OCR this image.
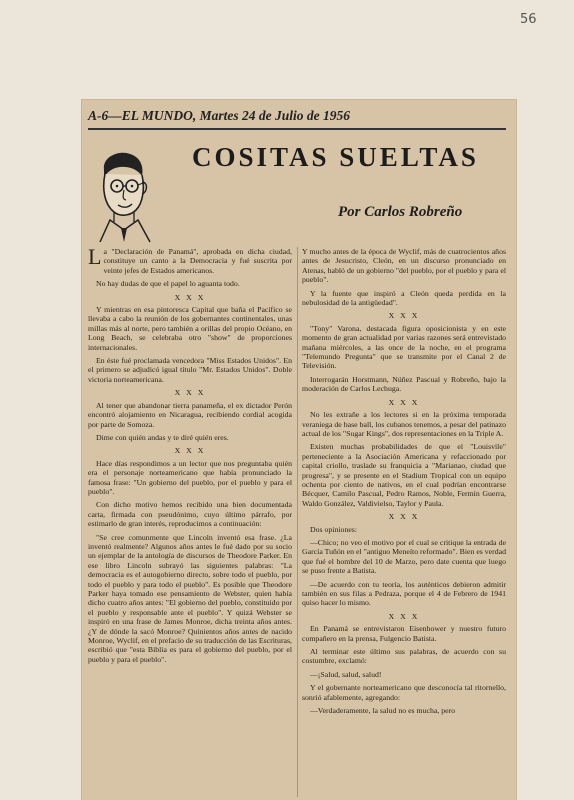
56
A-6—EL MUNDO, Martes 24 de Julio de 1956
COSITAS SUELTAS
Por Carlos Robreño

La "Declaración de Panamá", aprobada en dicha ciudad, constituye un canto a la Democracia y fué suscrita por veinte jefes de Estados americanos.

No hay dudas de que el papel lo aguanta todo.

X X X

Y mientras en esa pintoresca Capital que baña el Pacífico se llevaba a cabo la reunión de los gobernantes continentales, unas millas más al norte, pero también a orillas del propio Océano, en Long Beach, se celebraba otro "show" de proporciones internacionales.

En éste fué proclamada vencedora "Miss Estados Unidos". En el primero se adjudicó igual título "Mr. Estados Unidos". Doble victoria norteamericana.

X X X

Al tener que abandonar tierra panameña, el ex dictador Perón encontró alojamiento en Nicaragua, recibiendo cordial acogida por parte de Somoza.

Dime con quién andas y te diré quién eres.

X X X

Hace días respondimos a un lector que nos preguntaba quién era el personaje norteamericano que había pronunciado la famosa frase: "Un gobierno del pueblo, por el pueblo y para el pueblo".

Con dicho motivo hemos recibido una bien documentada carta, firmada con pseudónimo, cuyo último párrafo, por estimarlo de gran interés, reproducimos a continuación:

"Se cree comunmente que Lincoln inventó esa frase. ¿La inventó realmente? Algunos años antes le fué dado por su socio un ejemplar de la antología de discursos de Theodore Parker. En ese libro Lincoln subrayó las siguientes palabras: "La democracia es el autogobierno directo, sobre todo el pueblo, por todo el pueblo y para todo el pueblo". Es posible que Theodore Parker haya tomado ese pensamiento de Webster, quien había dicho cuatro años antes: "El gobierno del pueblo, constituido por el pueblo y responsable ante el pueblo". Y quizá Webster se inspiró en una frase de James Monroe, dicha treinta años antes. ¿Y de dónde la sacó Monroe? Quinientos años antes de nacido Monroe, Wyclif, en el prefacio de su traducción de las Escrituras, escribió que "esta Biblia es para el gobierno del pueblo, por el pueblo y para el pueblo".

Y mucho antes de la época de Wyclif, más de cuatrocientos años antes de Jesucristo, Cleón, en un discurso pronunciado en Atenas, habló de un gobierno "del pueblo, por el pueblo y para el pueblo".

Y la fuente que inspiró a Cleón queda perdida en la nebulosidad de la antigüedad".

X X X

"Tony" Varona, destacada figura oposicionista y en este momento de gran actualidad por varias razones será entrevistado mañana miércoles, a las once de la noche, en el programa "Telemundo Pregunta" que se transmite por el Canal 2 de Televisión.

Interrogarán Horstmann, Núñez Pascual y Robreño, bajo la moderación de Carlos Lechuga.

X X X

No les extrañe a los lectores si en la próxima temporada veraniega de base ball, los cubanos tenemos, a pesar del patinazo actual de los "Sugar Kings", dos representaciones en la Triple A.

Existen muchas probabilidades de que el "Louisvile" perteneciente a la Asociación Americana y refaccionado por capital criollo, traslade su franquicia a "Marianao, ciudad que progresa", y se presente en el Stadium Tropical con un equipo ochenta por ciento de nativos, en el cual podrían encontrarse Bécquer, Camilo Pascual, Pedro Ramos, Noble, Fermín Guerra, Waldo González, Valdivielso, Taylor y Paula.

X X X

Dos opiniones:

—Chico; no veo el motivo por el cual se critique la entrada de García Tuñón en el "antiguo Meneíto reformado". Bien es verdad que fué el hombre del 10 de Marzo, pero date cuenta que luego se puso frente a Batista.

—De acuerdo con tu teoría, los auténticos debieron admitir también en sus filas a Pedraza, porque el 4 de Febrero de 1941 quiso hacer lo mismo.

X X X

En Panamá se entrevistaron Eisenhower y nuestro futuro compañero en la prensa, Fulgencio Batista.

Al terminar este último sus palabras, de acuerdo con su costumbre, exclamó:

—¡Salud, salud, salud!

Y el gobernante norteamericano que desconocía tal ritornello, sonrió afablemente, agregando:

—Verdaderamente, la salud no es mucha, pero
